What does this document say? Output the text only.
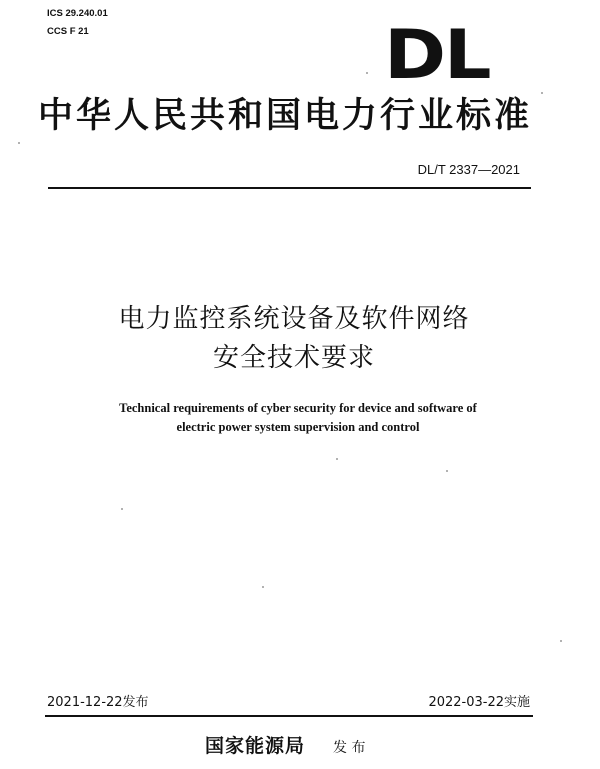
ICS 29.240.01
CCS F 21	DL
中华人民共和国电力行业标准
DL/T 2337—2021
电力监控系统设备及软件网络
安全技术要求
Technical requirements of cyber security for device and software of
electric power system supervision and control
2021-12-22发布	2022-03-22实施
国家能源局 发 布
